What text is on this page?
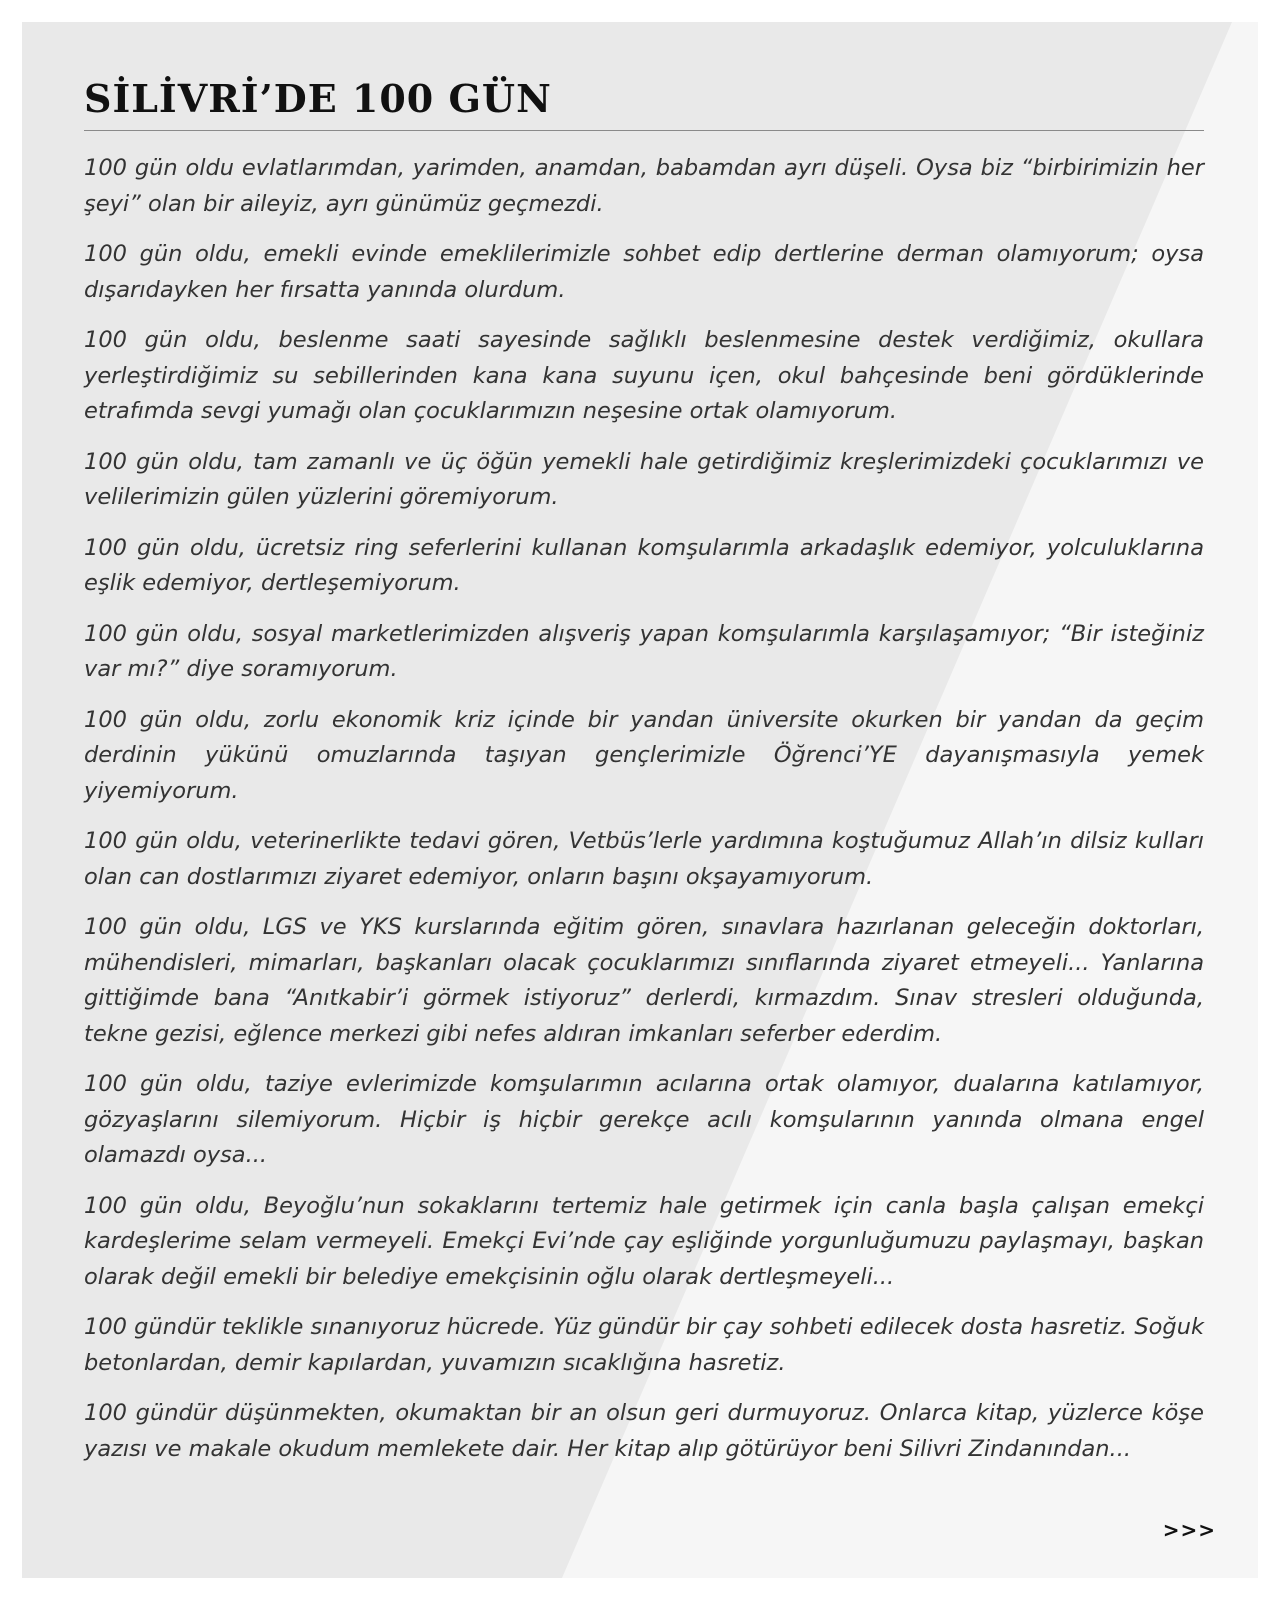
SİLİVRİ’DE 100 GÜN

100 gün oldu evlatlarımdan, yarimden, anamdan, babamdan ayrı düşeli. Oysa biz “birbirimizin her şeyi” olan bir aileyiz, ayrı günümüz geçmezdi.

100 gün oldu, emekli evinde emeklilerimizle sohbet edip dertlerine derman olamıyorum; oysa dışarıdayken her fırsatta yanında olurdum.

100 gün oldu, beslenme saati sayesinde sağlıklı beslenmesine destek verdiğimiz, okullara yerleştirdiğimiz su sebillerinden kana kana suyunu içen, okul bahçesinde beni gördüklerinde etrafımda sevgi yumağı olan çocuklarımızın neşesine ortak olamıyorum.

100 gün oldu, tam zamanlı ve üç öğün yemekli hale getirdiğimiz kreşlerimizdeki çocuklarımızı ve velilerimizin gülen yüzlerini göremiyorum.

100 gün oldu, ücretsiz ring seferlerini kullanan komşularımla arkadaşlık edemiyor, yolculuklarına eşlik edemiyor, dertleşemiyorum.

100 gün oldu, sosyal marketlerimizden alışveriş yapan komşularımla karşılaşamıyor; “Bir isteğiniz var mı?” diye soramıyorum.

100 gün oldu, zorlu ekonomik kriz içinde bir yandan üniversite okurken bir yandan da geçim derdinin yükünü omuzlarında taşıyan gençlerimizle Öğrenci’YE dayanışmasıyla yemek yiyemiyorum.

100 gün oldu, veterinerlikte tedavi gören, Vetbüs’lerle yardımına koştuğumuz Allah’ın dilsiz kulları olan can dostlarımızı ziyaret edemiyor, onların başını okşayamıyorum.

100 gün oldu, LGS ve YKS kurslarında eğitim gören, sınavlara hazırlanan geleceğin doktorları, mühendisleri, mimarları, başkanları olacak çocuklarımızı sınıflarında ziyaret etmeyeli... Yanlarına gittiğimde bana “Anıtkabir’i görmek istiyoruz” derlerdi, kırmazdım. Sınav stresleri olduğunda, tekne gezisi, eğlence merkezi gibi nefes aldıran imkanları seferber ederdim.

100 gün oldu, taziye evlerimizde komşularımın acılarına ortak olamıyor, dualarına katılamıyor, gözyaşlarını silemiyorum. Hiçbir iş hiçbir gerekçe acılı komşularının yanında olmana engel olamazdı oysa...

100 gün oldu, Beyoğlu’nun sokaklarını tertemiz hale getirmek için canla başla çalışan emekçi kardeşlerime selam vermeyeli. Emekçi Evi’nde çay eşliğinde yorgunluğumuzu paylaşmayı, başkan olarak değil emekli bir belediye emekçisinin oğlu olarak dertleşmeyeli...

100 gündür teklikle sınanıyoruz hücrede. Yüz gündür bir çay sohbeti edilecek dosta hasretiz. Soğuk betonlardan, demir kapılardan, yuvamızın sıcaklığına hasretiz.

100 gündür düşünmekten, okumaktan bir an olsun geri durmuyoruz. Onlarca kitap, yüzlerce köşe yazısı ve makale okudum memlekete dair. Her kitap alıp götürüyor beni Silivri Zindanından...

>>>
